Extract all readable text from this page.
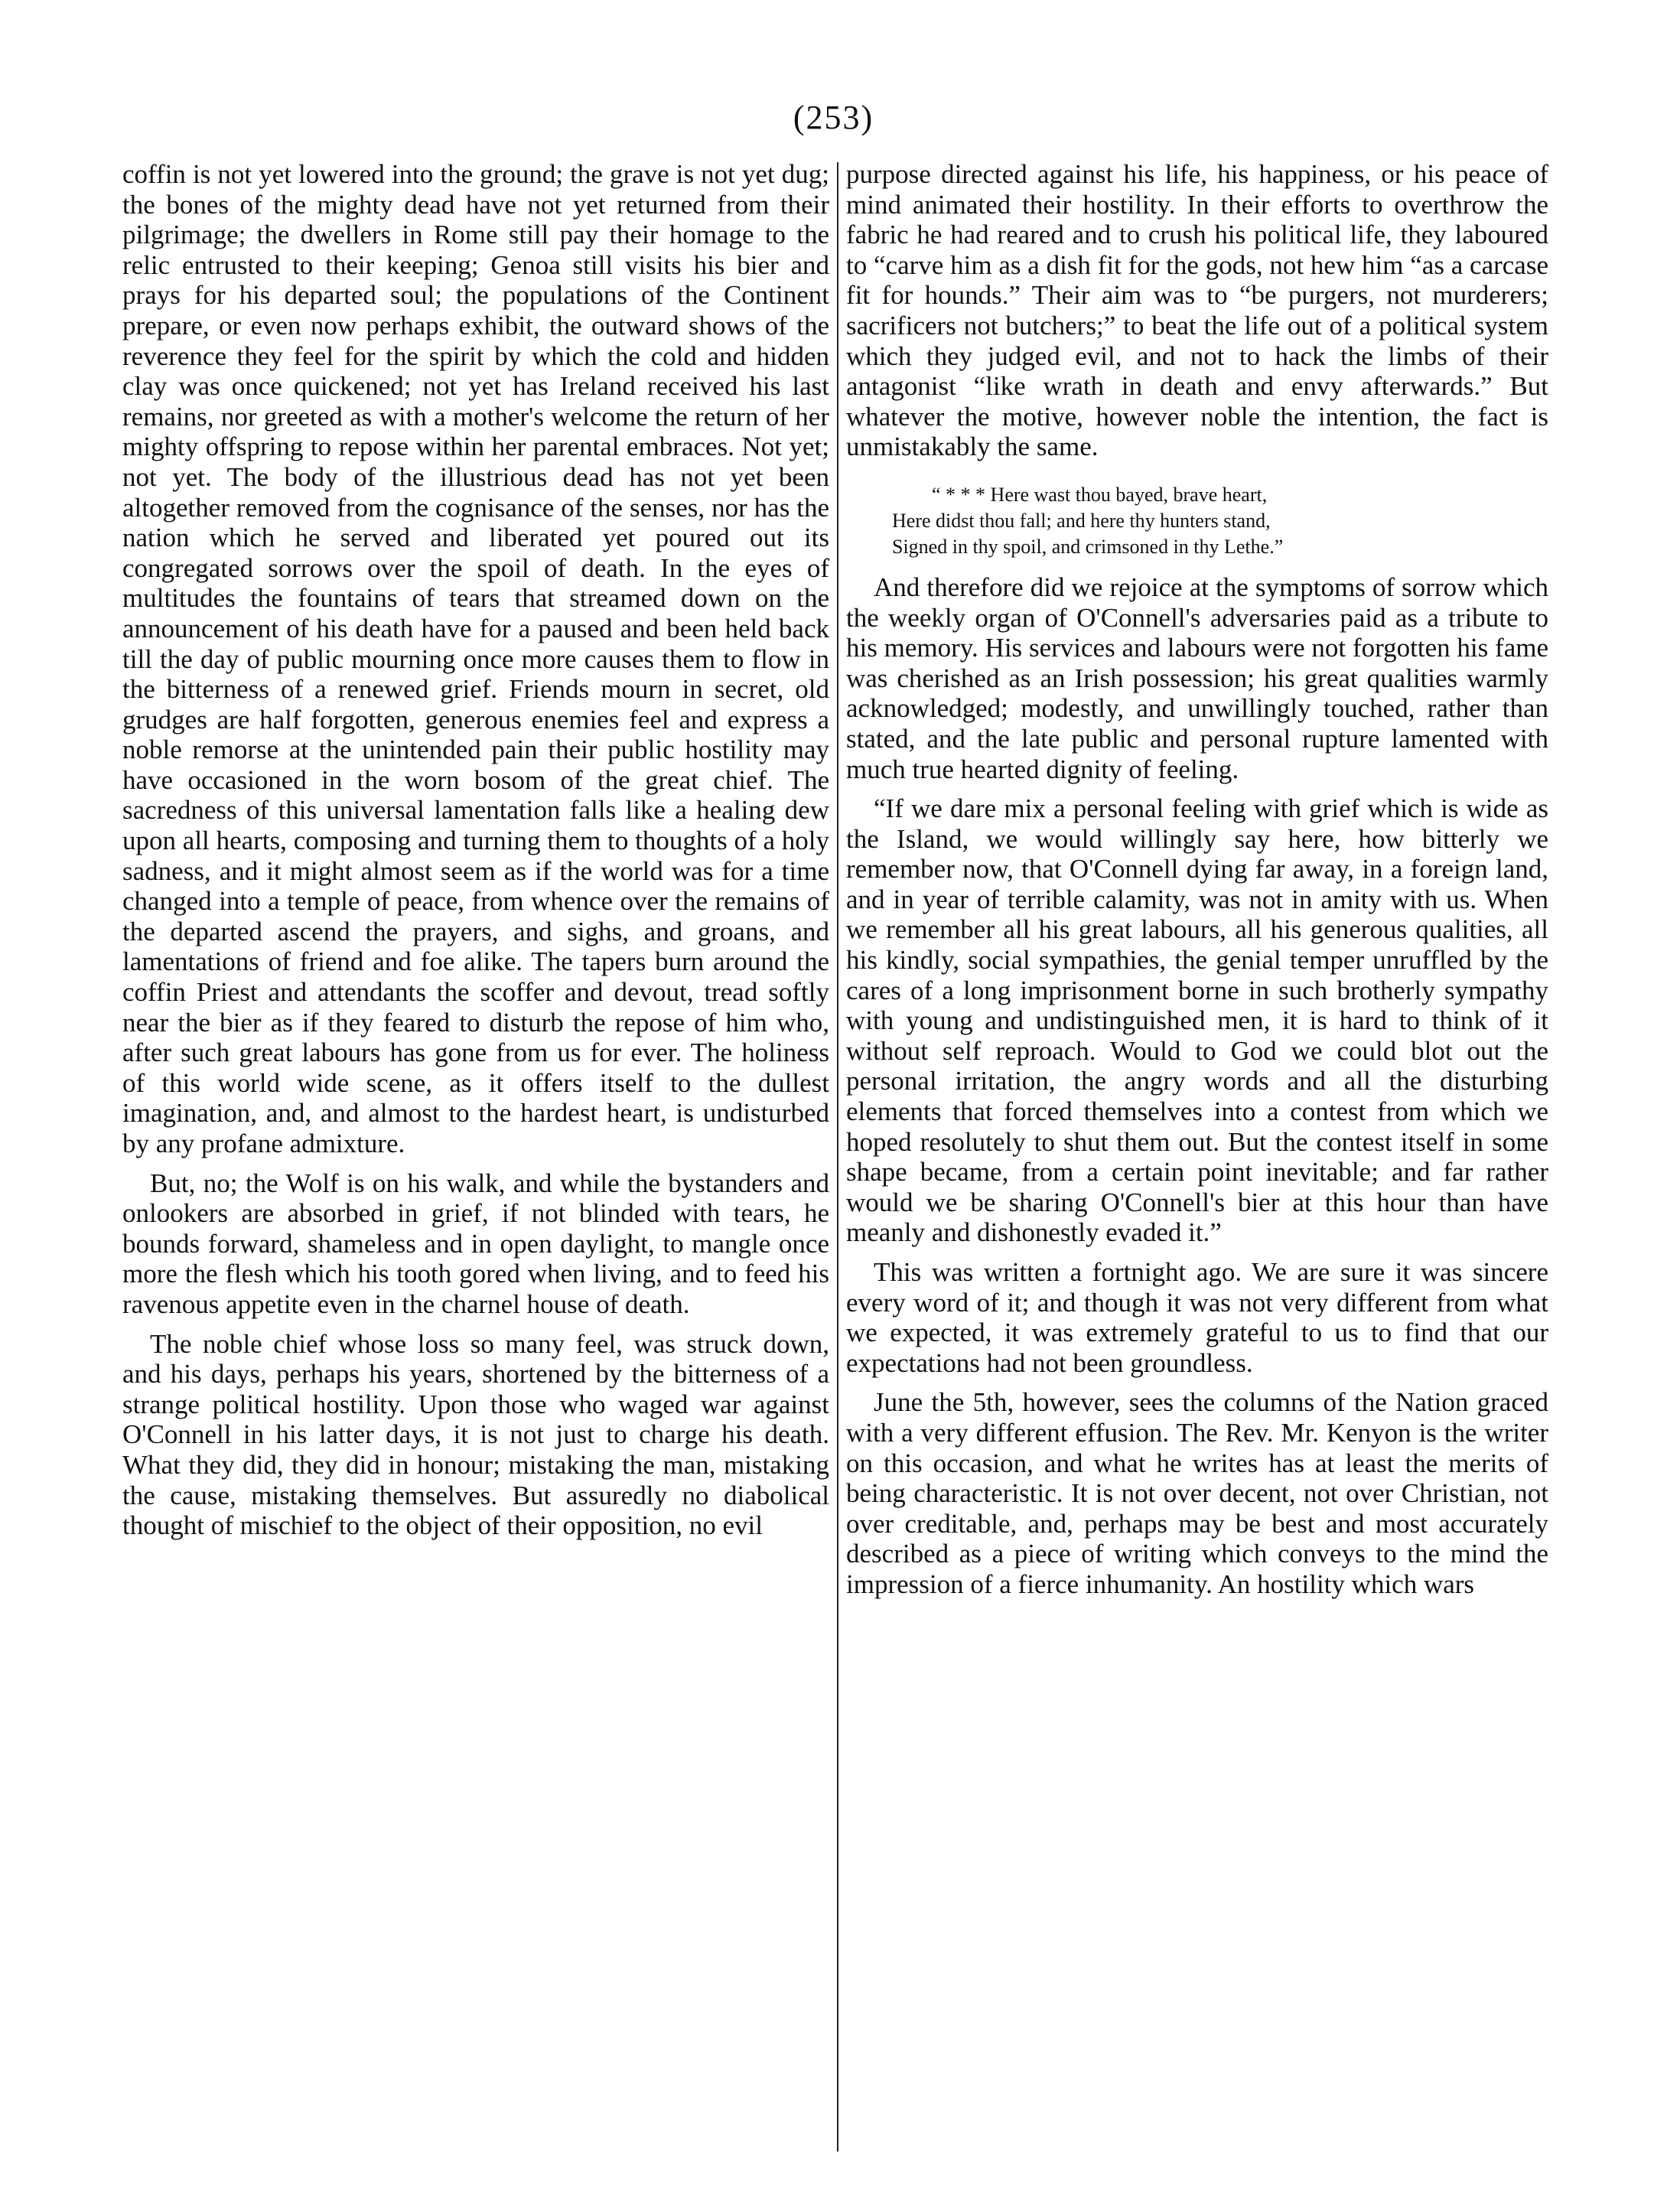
(253)

coffin is not yet lowered into the ground; the grave is not yet dug; the bones of the mighty dead have not yet returned from their pilgrimage; the dwellers in Rome still pay their homage to the relic entrusted to their keeping; Genoa still visits his bier and prays for his departed soul; the populations of the Continent prepare, or even now perhaps exhibit, the outward shows of the reverence they feel for the spirit by which the cold and hidden clay was once quickened; not yet has Ireland received his last remains, nor greeted as with a mother's welcome the return of her mighty offspring to repose within her parental embraces. Not yet; not yet. The body of the illustrious dead has not yet been altogether removed from the cognisance of the senses, nor has the nation which he served and liberated yet poured out its congregated sorrows over the spoil of death. In the eyes of multitudes the fountains of tears that streamed down on the announcement of his death have for a paused and been held back till the day of public mourning once more causes them to flow in the bitterness of a renewed grief. Friends mourn in secret, old grudges are half forgotten, generous enemies feel and express a noble remorse at the unintended pain their public hostility may have occasioned in the worn bosom of the great chief. The sacredness of this universal lamentation falls like a healing dew upon all hearts, composing and turning them to thoughts of a holy sadness, and it might almost seem as if the world was for a time changed into a temple of peace, from whence over the remains of the departed ascend the prayers, and sighs, and groans, and lamentations of friend and foe alike. The tapers burn around the coffin Priest and attendants the scoffer and devout, tread softly near the bier as if they feared to disturb the repose of him who, after such great labours has gone from us for ever. The holiness of this world wide scene, as it offers itself to the dullest imagination, and, and almost to the hardest heart, is undisturbed by any profane admixture.

But, no; the Wolf is on his walk, and while the bystanders and onlookers are absorbed in grief, if not blinded with tears, he bounds forward, shameless and in open daylight, to mangle once more the flesh which his tooth gored when living, and to feed his ravenous appetite even in the charnel house of death.

The noble chief whose loss so many feel, was struck down, and his days, perhaps his years, shortened by the bitterness of a strange political hostility. Upon those who waged war against O'Connell in his latter days, it is not just to charge his death. What they did, they did in honour; mistaking the man, mistaking the cause, mistaking themselves. But assuredly no diabolical thought of mischief to the object of their opposition, no evil

purpose directed against his life, his happiness, or his peace of mind animated their hostility. In their efforts to overthrow the fabric he had reared and to crush his political life, they laboured to “carve him as a dish fit for the gods, not hew him “as a carcase fit for hounds.” Their aim was to “be purgers, not murderers; sacrificers not butchers;” to beat the life out of a political system which they judged evil, and not to hack the limbs of their antagonist “like wrath in death and envy afterwards.” But whatever the motive, however noble the intention, the fact is unmistakably the same.

“ * * * Here wast thou bayed, brave heart,
Here didst thou fall; and here thy hunters stand,
Signed in thy spoil, and crimsoned in thy Lethe.”

And therefore did we rejoice at the symptoms of sorrow which the weekly organ of O'Connell's adversaries paid as a tribute to his memory. His services and labours were not forgotten his fame was cherished as an Irish possession; his great qualities warmly acknowledged; modestly, and unwillingly touched, rather than stated, and the late public and personal rupture lamented with much true hearted dignity of feeling.

“If we dare mix a personal feeling with grief which is wide as the Island, we would willingly say here, how bitterly we remember now, that O'Connell dying far away, in a foreign land, and in year of terrible calamity, was not in amity with us. When we remember all his great labours, all his generous qualities, all his kindly, social sympathies, the genial temper unruffled by the cares of a long imprisonment borne in such brotherly sympathy with young and undistinguished men, it is hard to think of it without self reproach. Would to God we could blot out the personal irritation, the angry words and all the disturbing elements that forced themselves into a contest from which we hoped resolutely to shut them out. But the contest itself in some shape became, from a certain point inevitable; and far rather would we be sharing O'Connell's bier at this hour than have meanly and dishonestly evaded it.”

This was written a fortnight ago. We are sure it was sincere every word of it; and though it was not very different from what we expected, it was extremely grateful to us to find that our expectations had not been groundless.

June the 5th, however, sees the columns of the Nation graced with a very different effusion. The Rev. Mr. Kenyon is the writer on this occasion, and what he writes has at least the merits of being characteristic. It is not over decent, not over Christian, not over creditable, and, perhaps may be best and most accurately described as a piece of writing which conveys to the mind the impression of a fierce inhumanity. An hostility which wars
